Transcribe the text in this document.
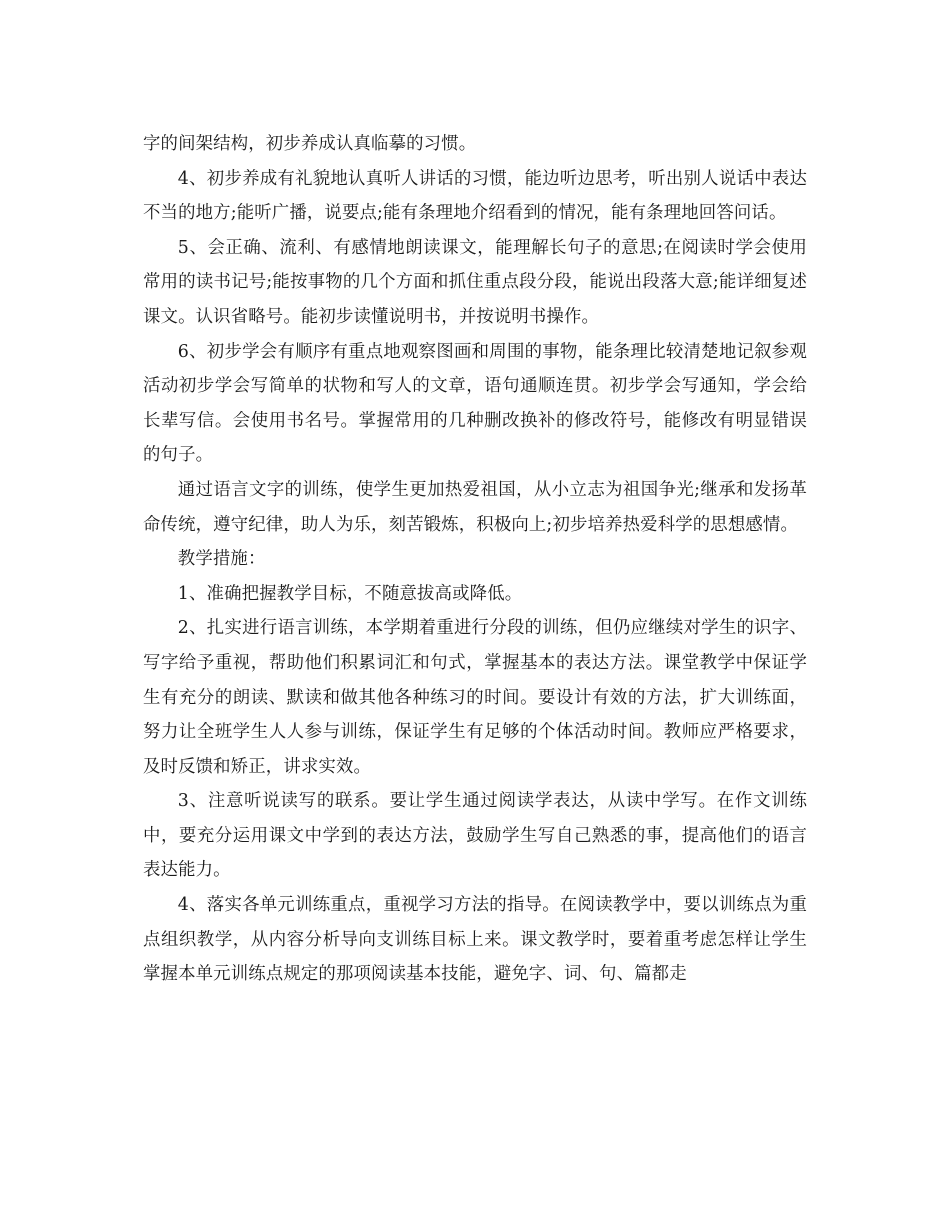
字的间架结构，初步养成认真临摹的习惯。

4、初步养成有礼貌地认真听人讲话的习惯，能边听边思考，听出别人说话中表达不当的地方;能听广播，说要点;能有条理地介绍看到的情况，能有条理地回答问话。

5、会正确、流利、有感情地朗读课文，能理解长句子的意思;在阅读时学会使用常用的读书记号;能按事物的几个方面和抓住重点段分段，能说出段落大意;能详细复述课文。认识省略号。能初步读懂说明书，并按说明书操作。

6、初步学会有顺序有重点地观察图画和周围的事物，能条理比较清楚地记叙参观活动初步学会写简单的状物和写人的文章，语句通顺连贯。初步学会写通知，学会给长辈写信。会使用书名号。掌握常用的几种删改换补的修改符号，能修改有明显错误的句子。

通过语言文字的训练，使学生更加热爱祖国，从小立志为祖国争光;继承和发扬革命传统，遵守纪律，助人为乐，刻苦锻炼，积极向上;初步培养热爱科学的思想感情。

教学措施：

1、准确把握教学目标，不随意拔高或降低。

2、扎实进行语言训练，本学期着重进行分段的训练，但仍应继续对学生的识字、写字给予重视，帮助他们积累词汇和句式，掌握基本的表达方法。课堂教学中保证学生有充分的朗读、默读和做其他各种练习的时间。要设计有效的方法，扩大训练面，努力让全班学生人人参与训练，保证学生有足够的个体活动时间。教师应严格要求，及时反馈和矫正，讲求实效。

3、注意听说读写的联系。要让学生通过阅读学表达，从读中学写。在作文训练中，要充分运用课文中学到的表达方法，鼓励学生写自己熟悉的事，提高他们的语言表达能力。

4、落实各单元训练重点，重视学习方法的指导。在阅读教学中，要以训练点为重点组织教学，从内容分析导向支训练目标上来。课文教学时，要着重考虑怎样让学生掌握本单元训练点规定的那项阅读基本技能，避免字、词、句、篇都走
